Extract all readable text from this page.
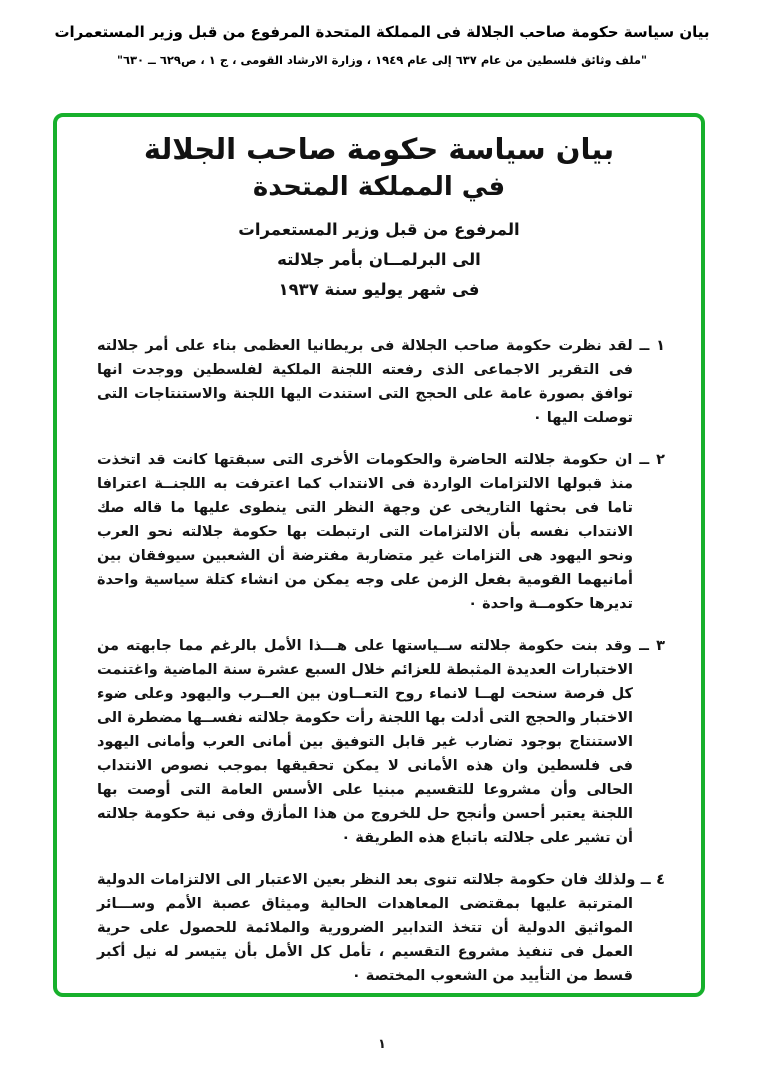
بيان سياسة حكومة صاحب الجلالة فى المملكة المتحدة المرفوع من قبل وزير المستعمرات
"ملف وثائق فلسطين من عام ٦٣٧ إلى عام ١٩٤٩ ، وزارة الارشاد القومى ، ج ١ ، ص٦٢٩ ــ ٦٣٠"
بيان سياسة حكومة صاحب الجلالة
في المملكة المتحدة
المرفوع من قبل وزير المستعمرات
الى البرلمــان بأمر جلالته
فى شهر يوليو سنة ١٩٣٧

١ ــ لقد نظرت حكومة صاحب الجلالة فى بريطانيا العظمى بناء على أمر جلالته فى التقرير الاجماعى الذى رفعته اللجنة الملكية لفلسطين ووجدت انها توافق بصورة عامة على الحجج التى استندت اليها اللجنة والاستنتاجات التى توصلت اليها ٠

٢ ــ ان حكومة جلالته الحاضرة والحكومات الأخرى التى سبقتها كانت قد اتخذت منذ قبولها الالتزامات الواردة فى الانتداب كما اعترفت به اللجنــة اعترافا تاما فى بحثها التاريخى عن وجهة النظر التى ينطوى عليها ما قاله صك الانتداب نفسه بأن الالتزامات التى ارتبطت بها حكومة جلالته نحو العرب ونحو اليهود هى التزامات غير متضاربة مفترضة أن الشعبين سيوفقان بين أمانيهما القومية بفعل الزمن على وجه يمكن من انشاء كتلة سياسية واحدة تديرها حكومــة واحدة ٠

٣ ــ وقد بنت حكومة جلالته ســياستها على هـــذا الأمل بالرغم مما جابهته من الاختبارات العديدة المثبطة للعزائم خلال السبع عشرة سنة الماضية واغتنمت كل فرصة سنحت لهــا لانماء روح التعــاون بين العــرب واليهود وعلى ضوء الاختبار والحجج التى أدلت بها اللجنة رأت حكومة جلالته نفســها مضطرة الى الاستنتاج بوجود تضارب غير قابل التوفيق بين أمانى العرب وأمانى اليهود فى فلسطين وان هذه الأمانى لا يمكن تحقيقها بموجب نصوص الانتداب الحالى وأن مشروعا للتقسيم مبنيا على الأسس العامة التى أوصت بها اللجنة يعتبر أحسن وأنجح حل للخروج من هذا المأزق وفى نية حكومة جلالته أن تشير على جلالته باتباع هذه الطريقة ٠

٤ ــ ولذلك فان حكومة جلالته تنوى بعد النظر بعين الاعتبار الى الالتزامات الدولية المترتبة عليها بمقتضى المعاهدات الحالية وميثاق عصبة الأمم وســـائر المواثيق الدولية أن تتخذ التدابير الضرورية والملائمة للحصول على حرية العمل فى تنفيذ مشروع التقسيم ، تأمل كل الأمل بأن يتيسر له نيل أكبر قسط من التأييد من الشعوب المختصة ٠

١
